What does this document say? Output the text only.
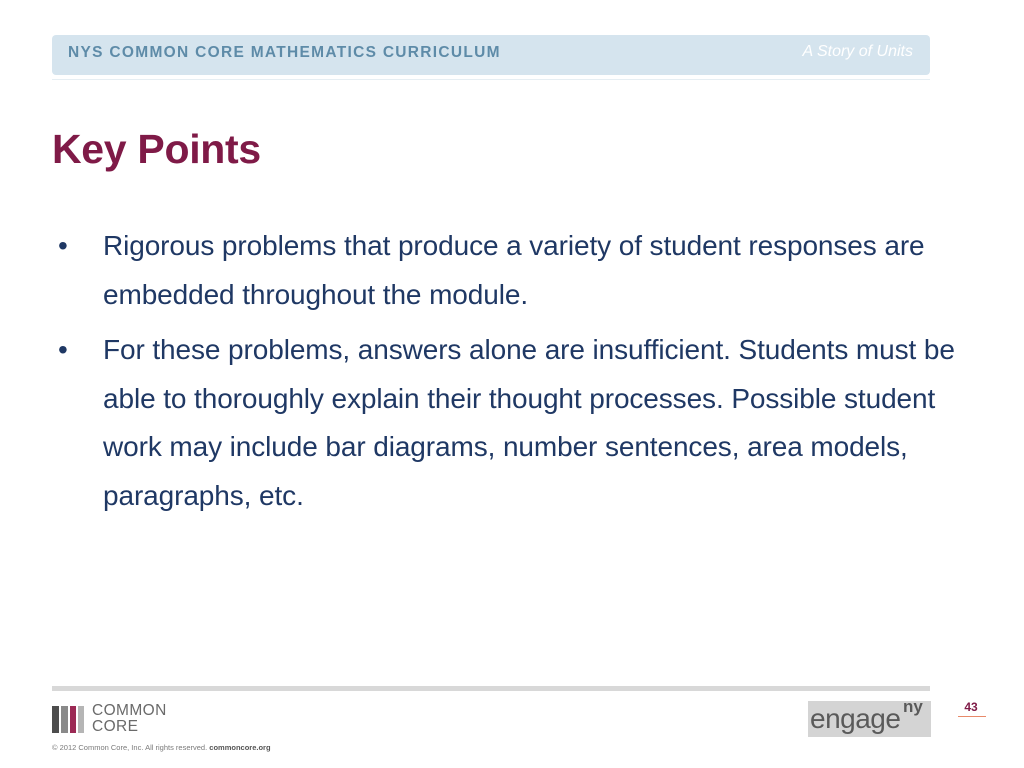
NYS COMMON CORE MATHEMATICS CURRICULUM	A Story of Units
Key Points
• Rigorous problems that produce a variety of student responses are embedded throughout the module.
• For these problems, answers alone are insufficient. Students must be able to thoroughly explain their thought processes. Possible student work may include bar diagrams, number sentences, area models, paragraphs, etc.
COMMON
CORE
© 2012 Common Core, Inc. All rights reserved. commoncore.org
engage ny	43
